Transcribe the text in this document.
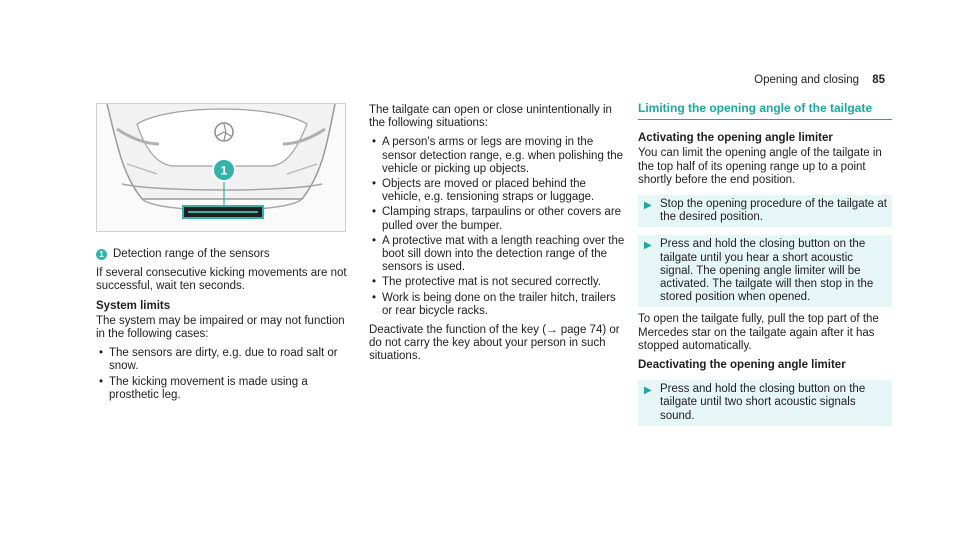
Opening and closing 85
1
1 Detection range of the sensors

If several consecutive kicking movements are not successful, wait ten seconds.

System limits

The system may be impaired or may not function in the following cases:

• The sensors are dirty, e.g. due to road salt or snow.
• The kicking movement is made using a prosthetic leg.

The tailgate can open or close unintentionally in the following situations:

• A person's arms or legs are moving in the sensor detection range, e.g. when polishing the vehicle or picking up objects.
• Objects are moved or placed behind the vehicle, e.g. tensioning straps or luggage.
• Clamping straps, tarpaulins or other covers are pulled over the bumper.
• A protective mat with a length reaching over the boot sill down into the detection range of the sensors is used.
• The protective mat is not secured correctly.
• Work is being done on the trailer hitch, trailers or rear bicycle racks.

Deactivate the function of the key (→ page 74) or do not carry the key about your person in such situations.

Limiting the opening angle of the tailgate
Activating the opening angle limiter

You can limit the opening angle of the tailgate in the top half of its opening range up to a point shortly before the end position.

▶ Stop the opening procedure of the tailgate at the desired position.
▶ Press and hold the closing button on the tailgate until you hear a short acoustic signal. The opening angle limiter will be activated. The tailgate will then stop in the stored position when opened.

To open the tailgate fully, pull the top part of the Mercedes star on the tailgate again after it has stopped automatically.

Deactivating the opening angle limiter
▶ Press and hold the closing button on the tailgate until two short acoustic signals sound.
